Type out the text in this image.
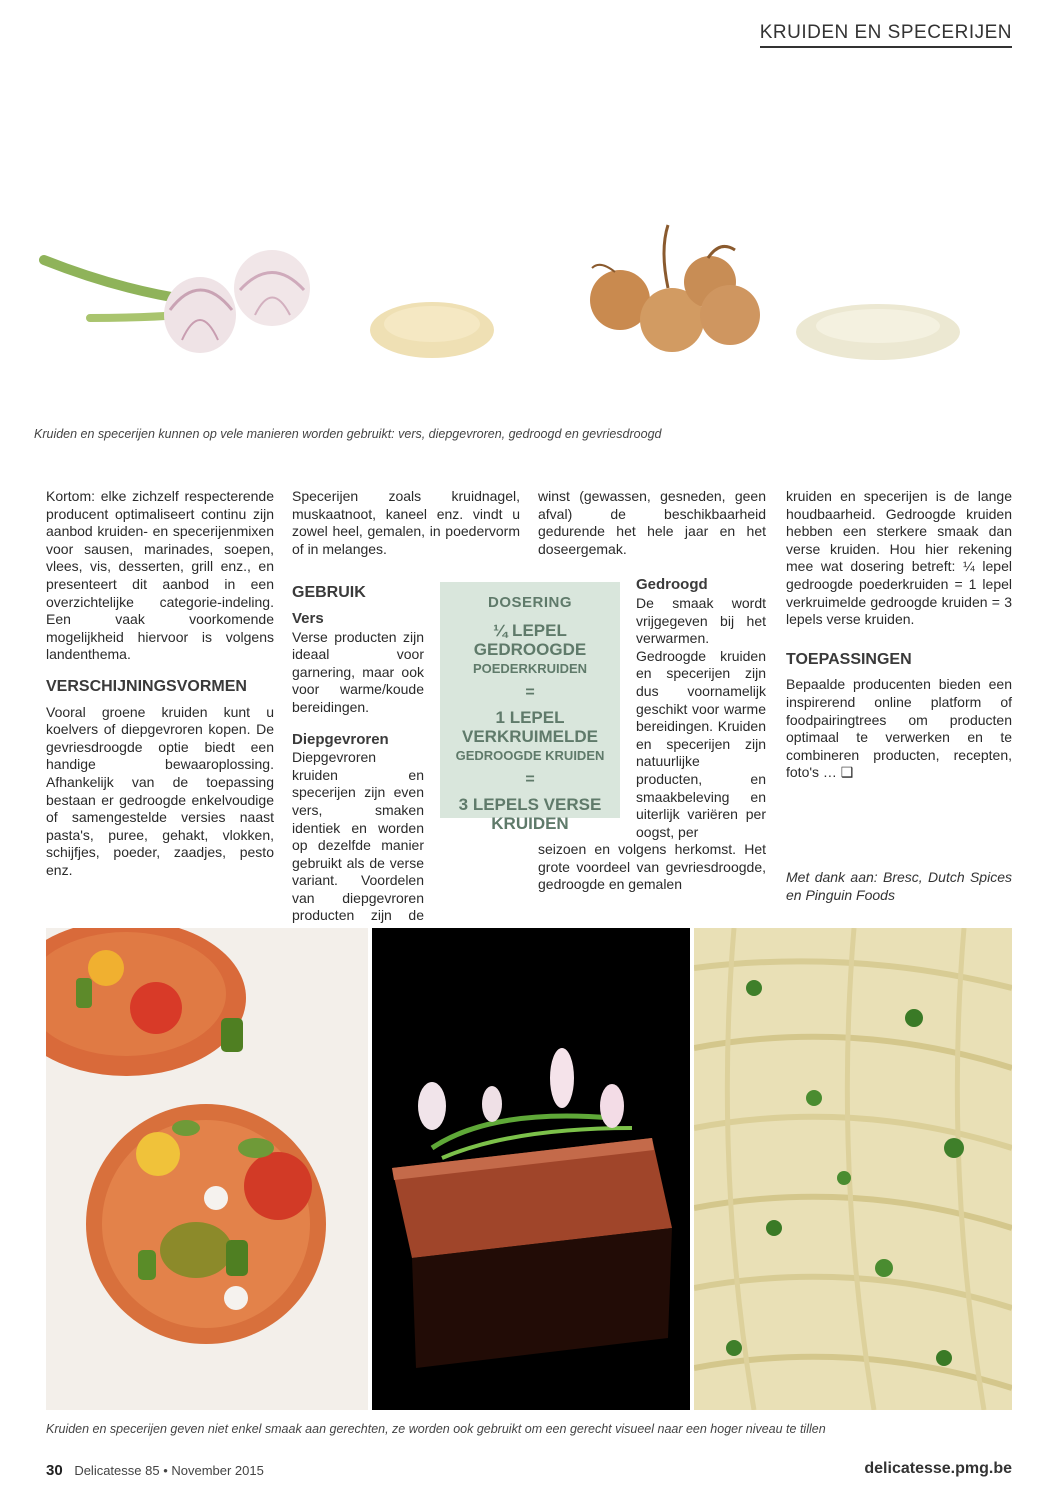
KRUIDEN EN SPECERIJEN
Kruiden en specerijen kunnen op vele manieren worden gebruikt: vers, diepgevroren, gedroogd en gevriesdroogd

Kortom: elke zichzelf respecterende producent optimaliseert continu zijn aanbod kruiden- en specerijenmixen voor sausen, marinades, soepen, vlees, vis, desserten, grill enz., en presenteert dit aanbod in een overzichtelijke categorie-indeling. Een vaak voorkomende mogelijkheid hiervoor is volgens landenthema.

VERSCHIJNINGSVORMEN

Vooral groene kruiden kunt u koelvers of diepgevroren kopen. De gevriesdroogde optie biedt een handige bewaaroplossing. Afhankelijk van de toepassing bestaan er gedroogde enkelvoudige of samengestelde versies naast pasta's, puree, gehakt, vlokken, schijfjes, poeder, zaadjes, pesto enz.

Specerijen zoals kruidnagel, muskaatnoot, kaneel enz. vindt u zowel heel, gemalen, in poedervorm of in melanges.

GEBRUIK
Vers

Verse producten zijn ideaal voor garnering, maar ook voor warme/koude bereidingen.

Diepgevroren

Diepgevroren kruiden en specerijen zijn even vers, smaken identiek en worden op dezelfde manier gebruikt als de verse variant. Voordelen van diepgevroren producten zijn de

winst (gewassen, gesneden, geen afval) de beschikbaarheid gedurende het hele jaar en het doseergemak.

Gedroogd

De smaak wordt vrijgegeven bij het verwarmen. Gedroogde kruiden en specerijen zijn dus voornamelijk geschikt voor warme bereidingen. Kruiden en specerijen zijn natuurlijke producten, en smaakbeleving en uiterlijk variëren per oogst, per

seizoen en volgens herkomst. Het grote voordeel van gevriesdroogde, gedroogde en gemalen

DOSERING
¼ LEPEL GEDROOGDE
POEDERKRUIDEN
=
1 LEPEL VERKRUIMELDE
GEDROOGDE KRUIDEN
=
3 LEPELS VERSE KRUIDEN

kruiden en specerijen is de lange houdbaarheid. Gedroogde kruiden hebben een sterkere smaak dan verse kruiden. Hou hier rekening mee wat dosering betreft: ¼ lepel gedroogde poederkruiden = 1 lepel verkruimelde gedroogde kruiden = 3 lepels verse kruiden.

TOEPASSINGEN

Bepaalde producenten bieden een inspirerend online platform of foodpairingtrees om producten optimaal te verwerken en te combineren producten, recepten, foto's … ❑

Met dank aan: Bresc, Dutch Spices en Pinguin Foods
Kruiden en specerijen geven niet enkel smaak aan gerechten, ze worden ook gebruikt om een gerecht visueel naar een hoger niveau te tillen
30 Delicatesse 85 • November 2015	delicatesse.pmg.be
